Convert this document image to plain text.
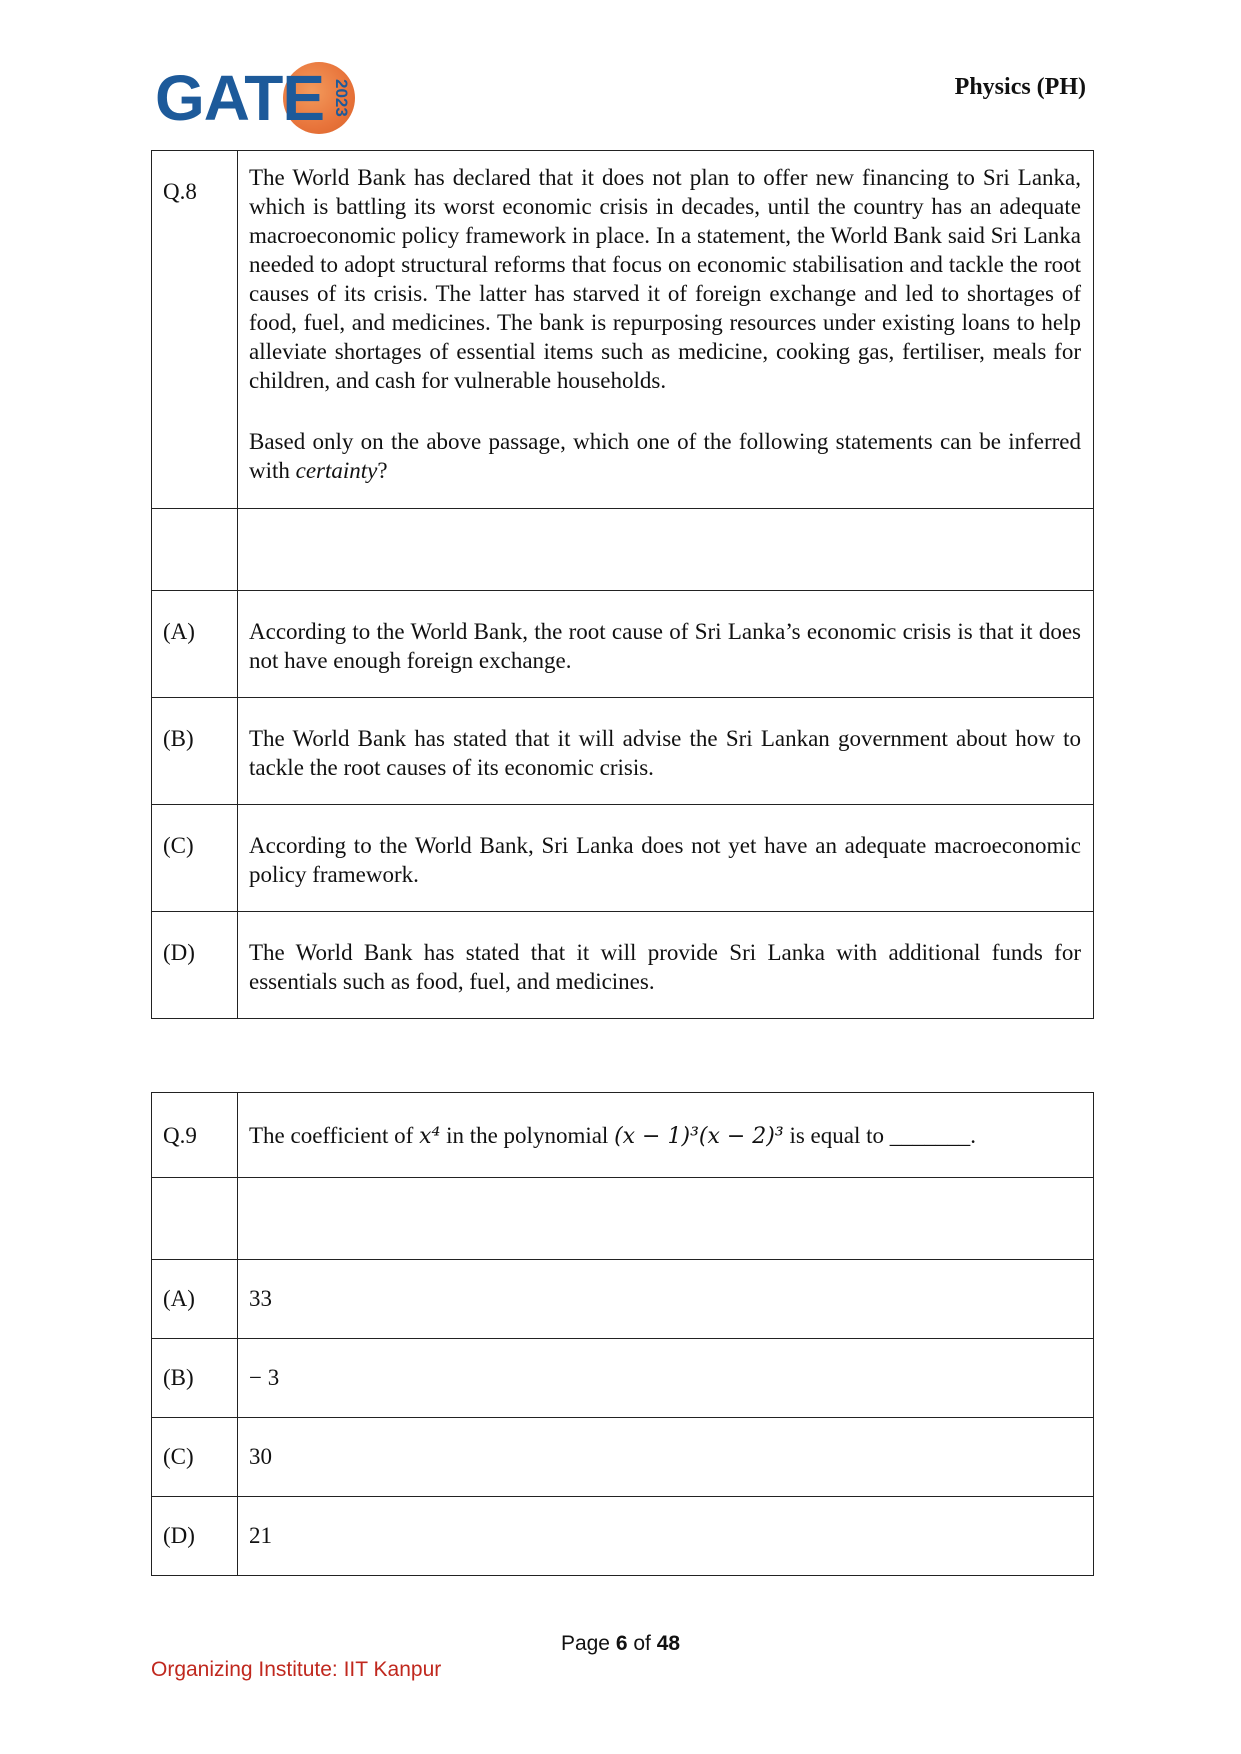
GATE 2023	Physics (PH)
Q.8	The World Bank has declared that it does not plan to offer new financing to Sri Lanka, which is battling its worst economic crisis in decades, until the country has an adequate macroeconomic policy framework in place. In a statement, the World Bank said Sri Lanka needed to adopt structural reforms that focus on economic stabilisation and tackle the root causes of its crisis. The latter has starved it of foreign exchange and led to shortages of food, fuel, and medicines. The bank is repurposing resources under existing loans to help alleviate shortages of essential items such as medicine, cooking gas, fertiliser, meals for children, and cash for vulnerable households.
Based only on the above passage, which one of the following statements can be inferred with certainty?

(A)	According to the World Bank, the root cause of Sri Lanka’s economic crisis is that it does not have enough foreign exchange.
(B)	The World Bank has stated that it will advise the Sri Lankan government about how to tackle the root causes of its economic crisis.
(C)	According to the World Bank, Sri Lanka does not yet have an adequate macroeconomic policy framework.
(D)	The World Bank has stated that it will provide Sri Lanka with additional funds for essentials such as food, fuel, and medicines.
Q.9	The coefficient of x⁴ in the polynomial (x − 1)³(x − 2)³ is equal to _______.

(A)	33
(B)	− 3
(C)	30
(D)	21
Page 6 of 48
Organizing Institute: IIT Kanpur
